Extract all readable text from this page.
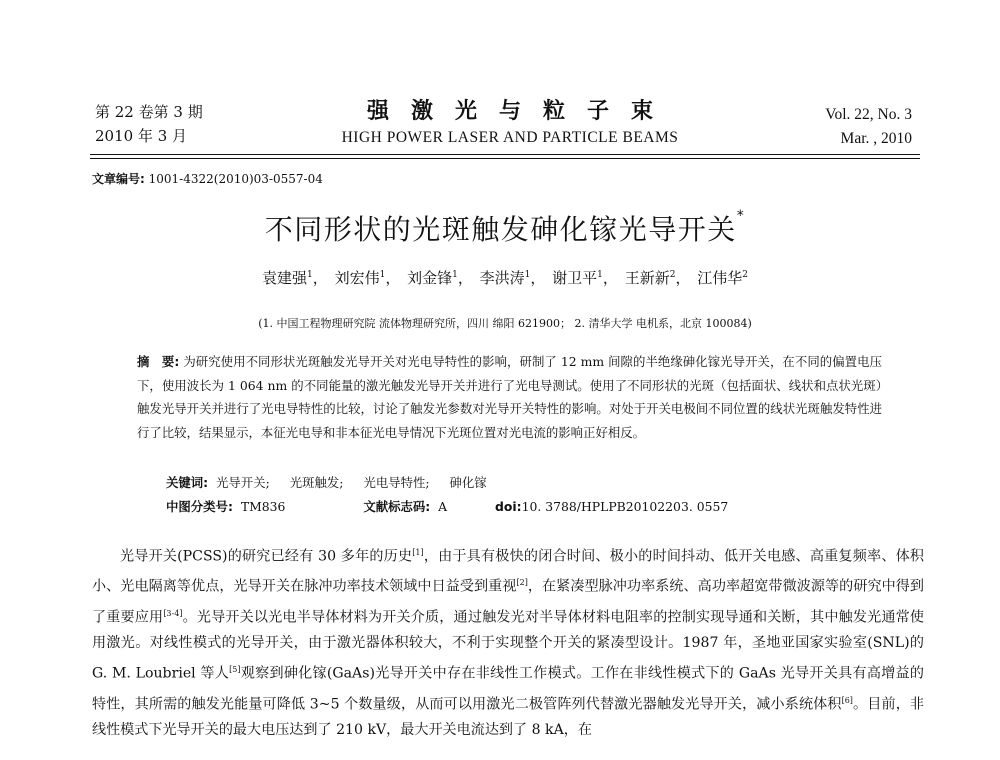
第 22 卷第 3 期
2010 年 3 月
强激光与粒子束
HIGH POWER LASER AND PARTICLE BEAMS
Vol. 22, No. 3
Mar. , 2010
文章编号: 1001-4322(2010)03-0557-04
不同形状的光斑触发砷化镓光导开关*
袁建强$^1$， 刘宏伟$^1$， 刘金锋$^1$， 李洪涛$^1$， 谢卫平$^1$， 王新新$^2$， 江伟华$^2$
(1. 中国工程物理研究院 流体物理研究所，四川 绵阳 621900； 2. 清华大学 电机系，北京 100084)
摘　要: 为研究使用不同形状光斑触发光导开关对光电导特性的影响，研制了 12 mm 间隙的半绝缘砷化镓光导开关，在不同的偏置电压下，使用波长为 1 064 nm 的不同能量的激光触发光导开关并进行了光电导测试。使用了不同形状的光斑（包括面状、线状和点状光斑）触发光导开关并进行了光电导特性的比较，讨论了触发光参数对光导开关特性的影响。对处于开关电极间不同位置的线状光斑触发特性进行了比较，结果显示，本征光电导和非本征光电导情况下光斑位置对光电流的影响正好相反。
关键词: 光导开关; 光斑触发; 光电导特性; 砷化镓
中图分类号: TM836	文献标志码: A	doi:10. 3788/HPLPB20102203. 0557
光导开关(PCSS)的研究已经有 30 多年的历史[1]，由于具有极快的闭合时间、极小的时间抖动、低开关电感、高重复频率、体积小、光电隔离等优点，光导开关在脉冲功率技术领域中日益受到重视[2]，在紧凑型脉冲功率系统、高功率超宽带微波源等的研究中得到了重要应用[3-4]。光导开关以光电半导体材料为开关介质，通过触发光对半导体材料电阻率的控制实现导通和关断，其中触发光通常使用激光。对线性模式的光导开关，由于激光器体积较大，不利于实现整个开关的紧凑型设计。1987 年，圣地亚国家实验室(SNL)的 G. M. Loubriel 等人[5]观察到砷化镓(GaAs)光导开关中存在非线性工作模式。工作在非线性模式下的 GaAs 光导开关具有高增益的特性，其所需的触发光能量可降低 3~5 个数量级，从而可以用激光二极管阵列代替激光器触发光导开关，减小系统体积[6]。目前，非线性模式下光导开关的最大电压达到了 210 kV，最大开关电流达到了 8 kA，在
